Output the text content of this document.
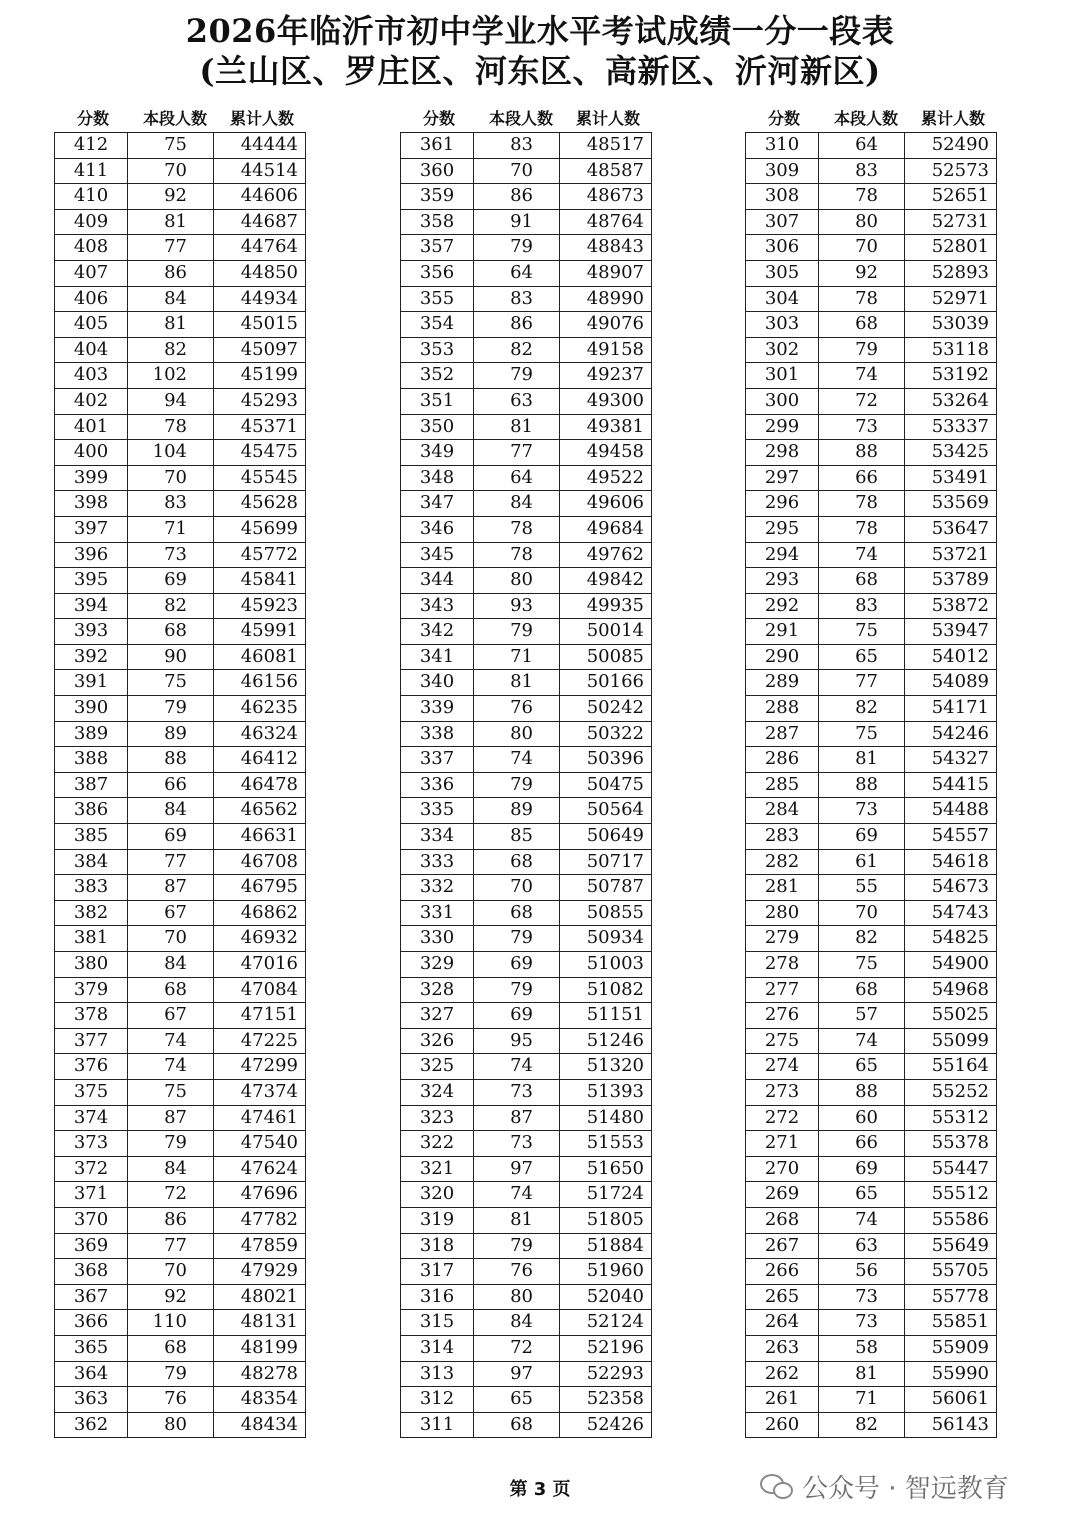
2026年临沂市初中学业水平考试成绩一分一段表
(兰山区、罗庄区、河东区、高新区、沂河新区)
分数	本段人数	累计人数
412	75	44444
411	70	44514
410	92	44606
409	81	44687
408	77	44764
407	86	44850
406	84	44934
405	81	45015
404	82	45097
403	102	45199
402	94	45293
401	78	45371
400	104	45475
399	70	45545
398	83	45628
397	71	45699
396	73	45772
395	69	45841
394	82	45923
393	68	45991
392	90	46081
391	75	46156
390	79	46235
389	89	46324
388	88	46412
387	66	46478
386	84	46562
385	69	46631
384	77	46708
383	87	46795
382	67	46862
381	70	46932
380	84	47016
379	68	47084
378	67	47151
377	74	47225
376	74	47299
375	75	47374
374	87	47461
373	79	47540
372	84	47624
371	72	47696
370	86	47782
369	77	47859
368	70	47929
367	92	48021
366	110	48131
365	68	48199
364	79	48278
363	76	48354
362	80	48434
分数	本段人数	累计人数
361	83	48517
360	70	48587
359	86	48673
358	91	48764
357	79	48843
356	64	48907
355	83	48990
354	86	49076
353	82	49158
352	79	49237
351	63	49300
350	81	49381
349	77	49458
348	64	49522
347	84	49606
346	78	49684
345	78	49762
344	80	49842
343	93	49935
342	79	50014
341	71	50085
340	81	50166
339	76	50242
338	80	50322
337	74	50396
336	79	50475
335	89	50564
334	85	50649
333	68	50717
332	70	50787
331	68	50855
330	79	50934
329	69	51003
328	79	51082
327	69	51151
326	95	51246
325	74	51320
324	73	51393
323	87	51480
322	73	51553
321	97	51650
320	74	51724
319	81	51805
318	79	51884
317	76	51960
316	80	52040
315	84	52124
314	72	52196
313	97	52293
312	65	52358
311	68	52426
分数	本段人数	累计人数
310	64	52490
309	83	52573
308	78	52651
307	80	52731
306	70	52801
305	92	52893
304	78	52971
303	68	53039
302	79	53118
301	74	53192
300	72	53264
299	73	53337
298	88	53425
297	66	53491
296	78	53569
295	78	53647
294	74	53721
293	68	53789
292	83	53872
291	75	53947
290	65	54012
289	77	54089
288	82	54171
287	75	54246
286	81	54327
285	88	54415
284	73	54488
283	69	54557
282	61	54618
281	55	54673
280	70	54743
279	82	54825
278	75	54900
277	68	54968
276	57	55025
275	74	55099
274	65	55164
273	88	55252
272	60	55312
271	66	55378
270	69	55447
269	65	55512
268	74	55586
267	63	55649
266	56	55705
265	73	55778
264	73	55851
263	58	55909
262	81	55990
261	71	56061
260	82	56143
第 3 页	公众号 · 智远教育
